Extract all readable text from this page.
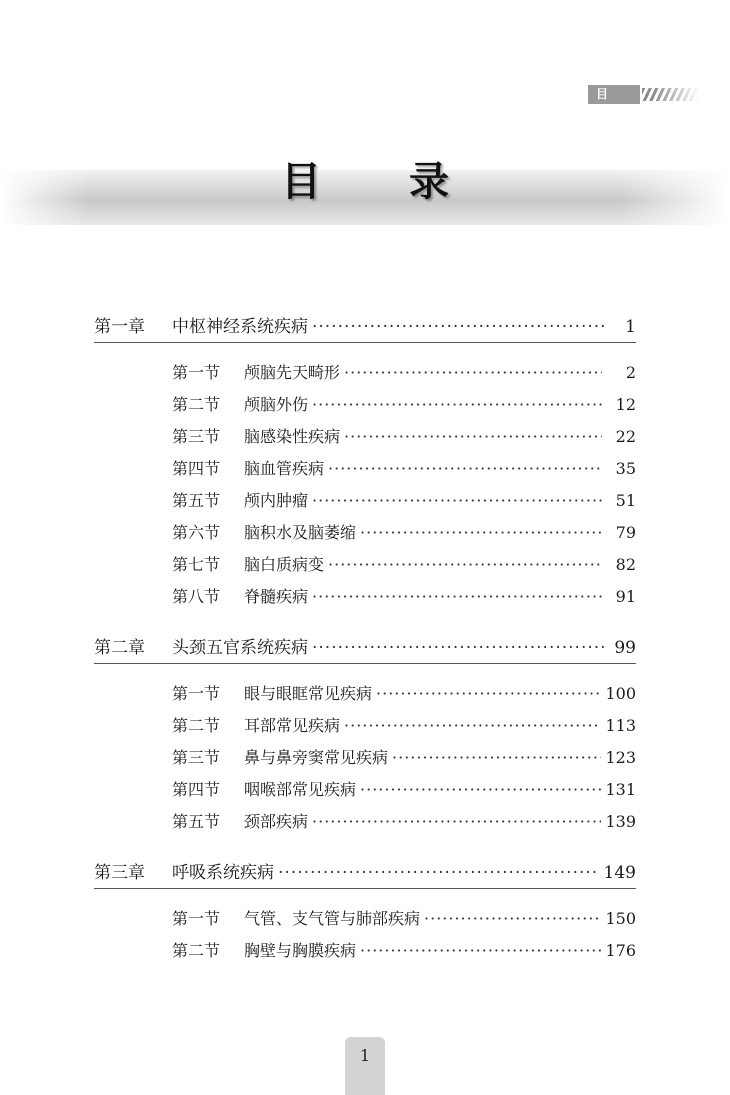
目 录
目录
第一章	中枢神经系统疾病 ·····	1
第一节	颅脑先天畸形 ·····	2
第二节	颅脑外伤 ·····	12
第三节	脑感染性疾病 ·····	22
第四节	脑血管疾病 ·····	35
第五节	颅内肿瘤 ·····	51
第六节	脑积水及脑萎缩 ·····	79
第七节	脑白质病变 ·····	82
第八节	脊髓疾病 ·····	91
第二章	头颈五官系统疾病 ·····	99
第一节	眼与眼眶常见疾病 ·····	100
第二节	耳部常见疾病 ·····	113
第三节	鼻与鼻旁窦常见疾病 ·····	123
第四节	咽喉部常见疾病 ·····	131
第五节	颈部疾病 ·····	139
第三章	呼吸系统疾病 ·····	149
第一节	气管、支气管与肺部疾病 ·····	150
第二节	胸壁与胸膜疾病 ·····	176
1
